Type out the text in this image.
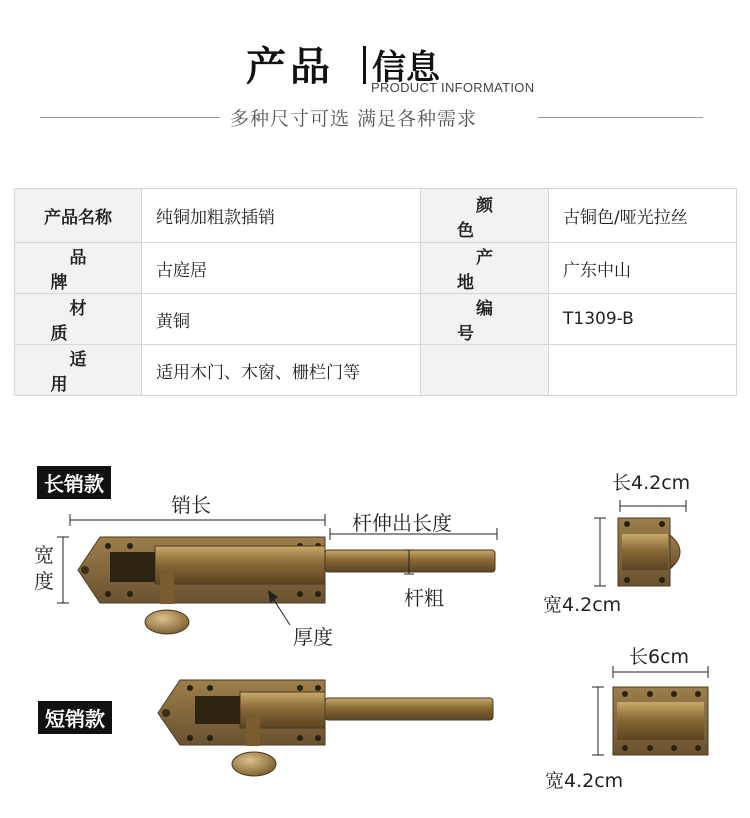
产品 信息
PRODUCT INFORMATION
多种尺寸可选 满足各种需求
产品名称	纯铜加粗款插销	颜色	古铜色/哑光拉丝
品牌	古庭居	产地	广东中山
材质	黄铜	编号	T1309-B
适用	适用木门、木窗、栅栏门等		
长销款
短销款
销长
杆伸出长度
宽度
杆粗
厚度
长4.2cm
宽4.2cm
长6cm
宽4.2cm
